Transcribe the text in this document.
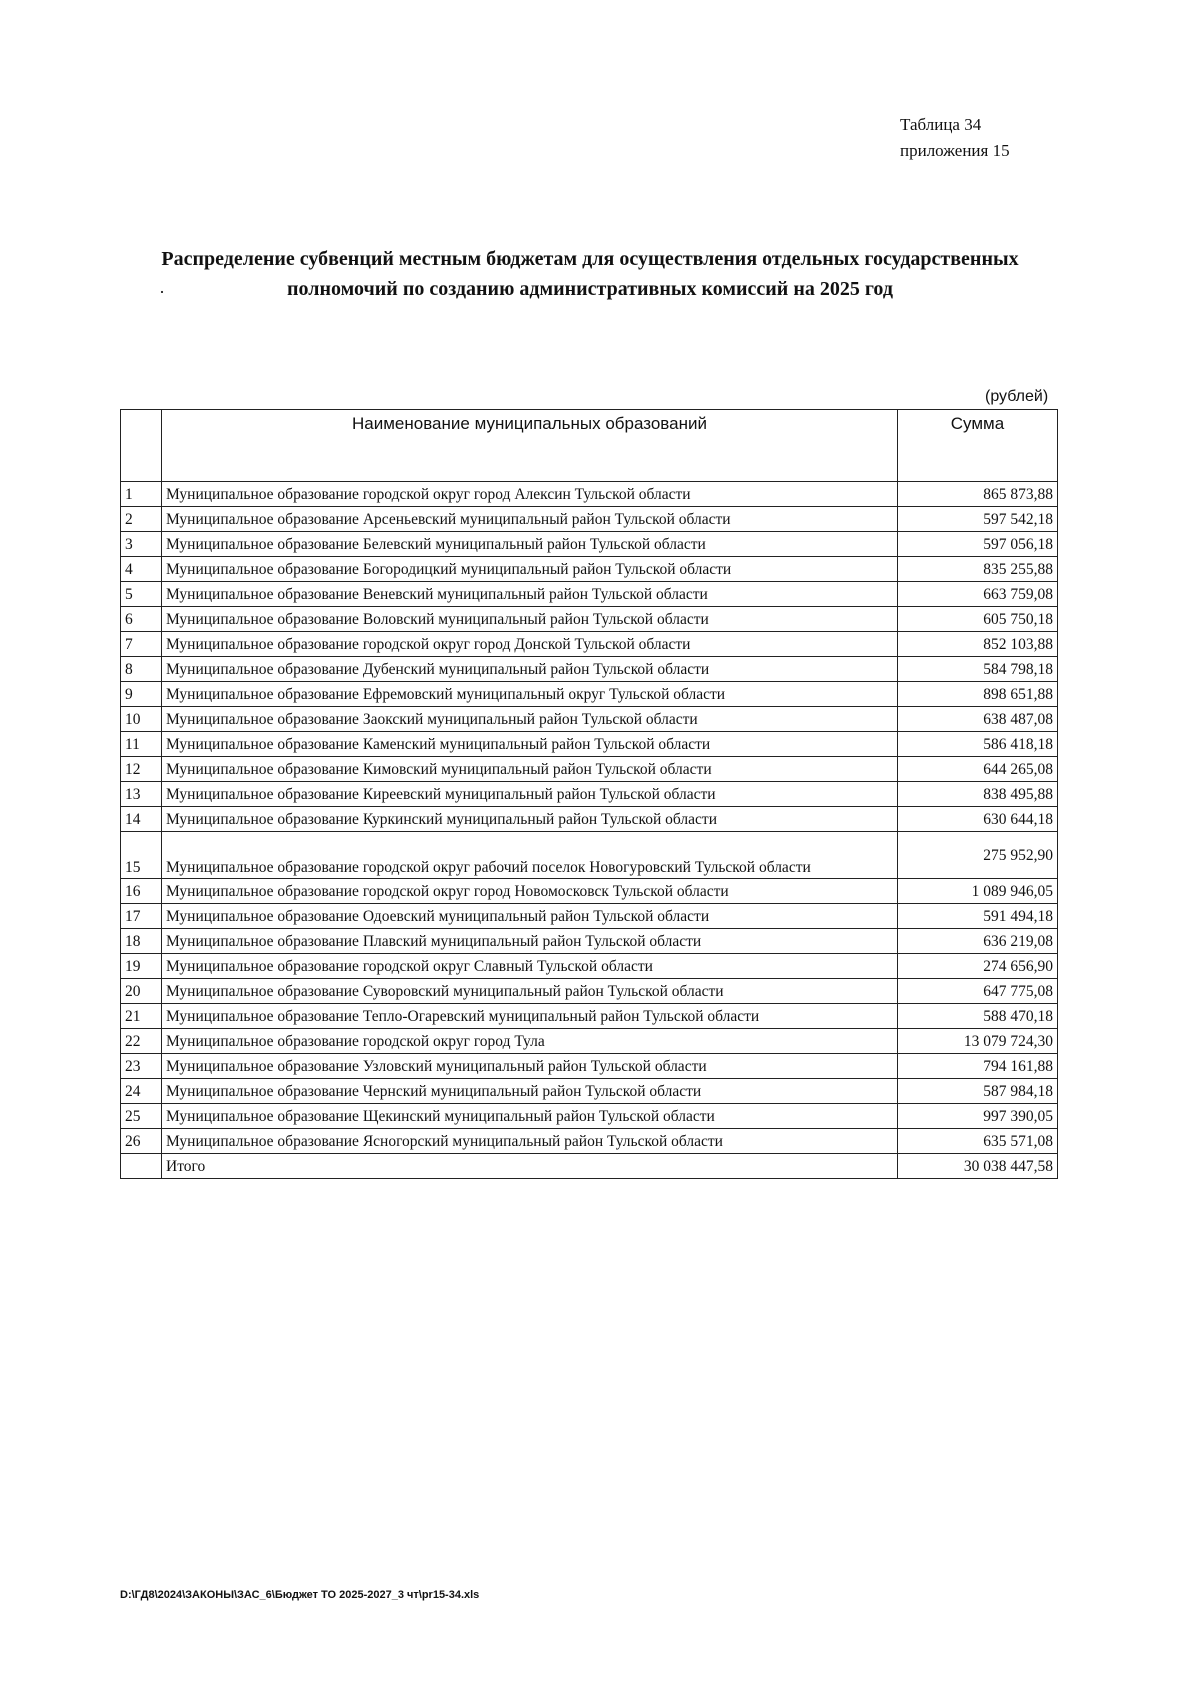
Таблица 34
приложения 15
Распределение субвенций местным бюджетам для осуществления отдельных государственных
полномочий по созданию административных комиссий на 2025 год
·
(рублей)
	Наименование муниципальных образований	Сумма
1	Муниципальное образование городской округ город Алексин Тульской области	865 873,88
2	Муниципальное образование Арсеньевский муниципальный район Тульской области	597 542,18
3	Муниципальное образование Белевский муниципальный район Тульской области	597 056,18
4	Муниципальное образование Богородицкий муниципальный район Тульской области	835 255,88
5	Муниципальное образование Веневский муниципальный район Тульской области	663 759,08
6	Муниципальное образование Воловский муниципальный район Тульской области	605 750,18
7	Муниципальное образование городской округ город Донской Тульской области	852 103,88
8	Муниципальное образование Дубенский муниципальный район Тульской области	584 798,18
9	Муниципальное образование Ефремовский муниципальный округ Тульской области	898 651,88
10	Муниципальное образование Заокский муниципальный район Тульской области	638 487,08
11	Муниципальное образование Каменский муниципальный район Тульской области	586 418,18
12	Муниципальное образование Кимовский муниципальный район Тульской области	644 265,08
13	Муниципальное образование Киреевский муниципальный район Тульской области	838 495,88
14	Муниципальное образование Куркинский муниципальный район Тульской области	630 644,18
15	Муниципальное образование городской округ рабочий поселок Новогуровский Тульской области	275 952,90
16	Муниципальное образование городской округ город Новомосковск Тульской области	1 089 946,05
17	Муниципальное образование Одоевский муниципальный район Тульской области	591 494,18
18	Муниципальное образование Плавский муниципальный район Тульской области	636 219,08
19	Муниципальное образование городской округ Славный Тульской области	274 656,90
20	Муниципальное образование Суворовский муниципальный район Тульской области	647 775,08
21	Муниципальное образование Тепло-Огаревский муниципальный район Тульской области	588 470,18
22	Муниципальное образование городской округ город Тула	13 079 724,30
23	Муниципальное образование Узловский муниципальный район Тульской области	794 161,88
24	Муниципальное образование Чернский муниципальный район Тульской области	587 984,18
25	Муниципальное образование Щекинский муниципальный район Тульской области	997 390,05
26	Муниципальное образование Ясногорский муниципальный район Тульской области	635 571,08
	Итого	30 038 447,58
D:\ГД8\2024\ЗАКОНЫ\ЗАС_6\Бюджет ТО 2025-2027_3 чт\pr15-34.xls
